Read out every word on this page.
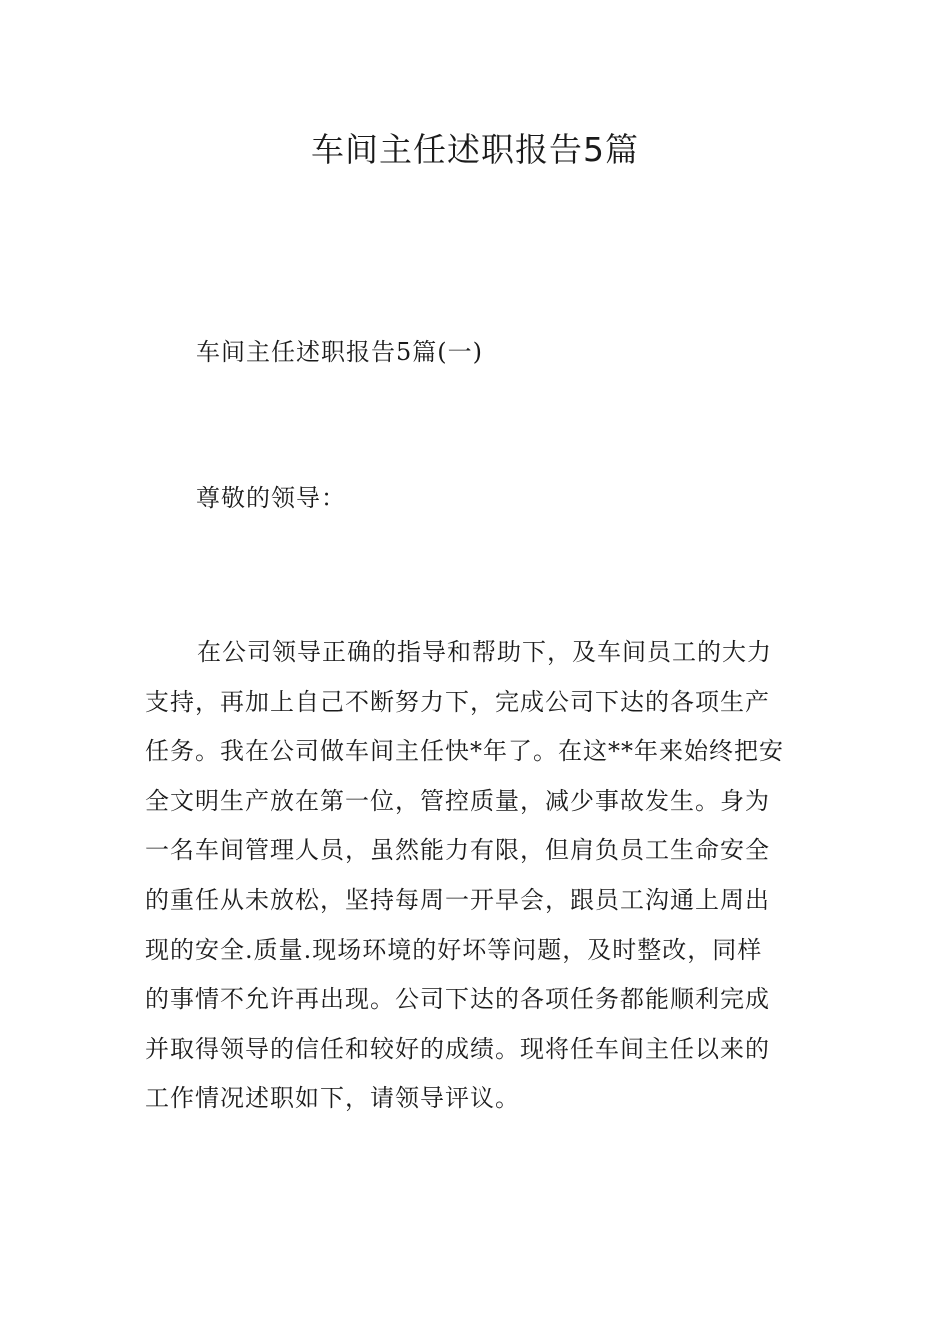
车间主任述职报告5篇

车间主任述职报告5篇(一)

尊敬的领导：

在公司领导正确的指导和帮助下，及车间员工的大力
支持，再加上自己不断努力下，完成公司下达的各项生产
任务。我在公司做车间主任快*年了。在这**年来始终把安
全文明生产放在第一位，管控质量，减少事故发生。身为
一名车间管理人员，虽然能力有限，但肩负员工生命安全
的重任从未放松，坚持每周一开早会，跟员工沟通上周出
现的安全.质量.现场环境的好坏等问题，及时整改，同样
的事情不允许再出现。公司下达的各项任务都能顺利完成
并取得领导的信任和较好的成绩。现将任车间主任以来的
工作情况述职如下，请领导评议。
